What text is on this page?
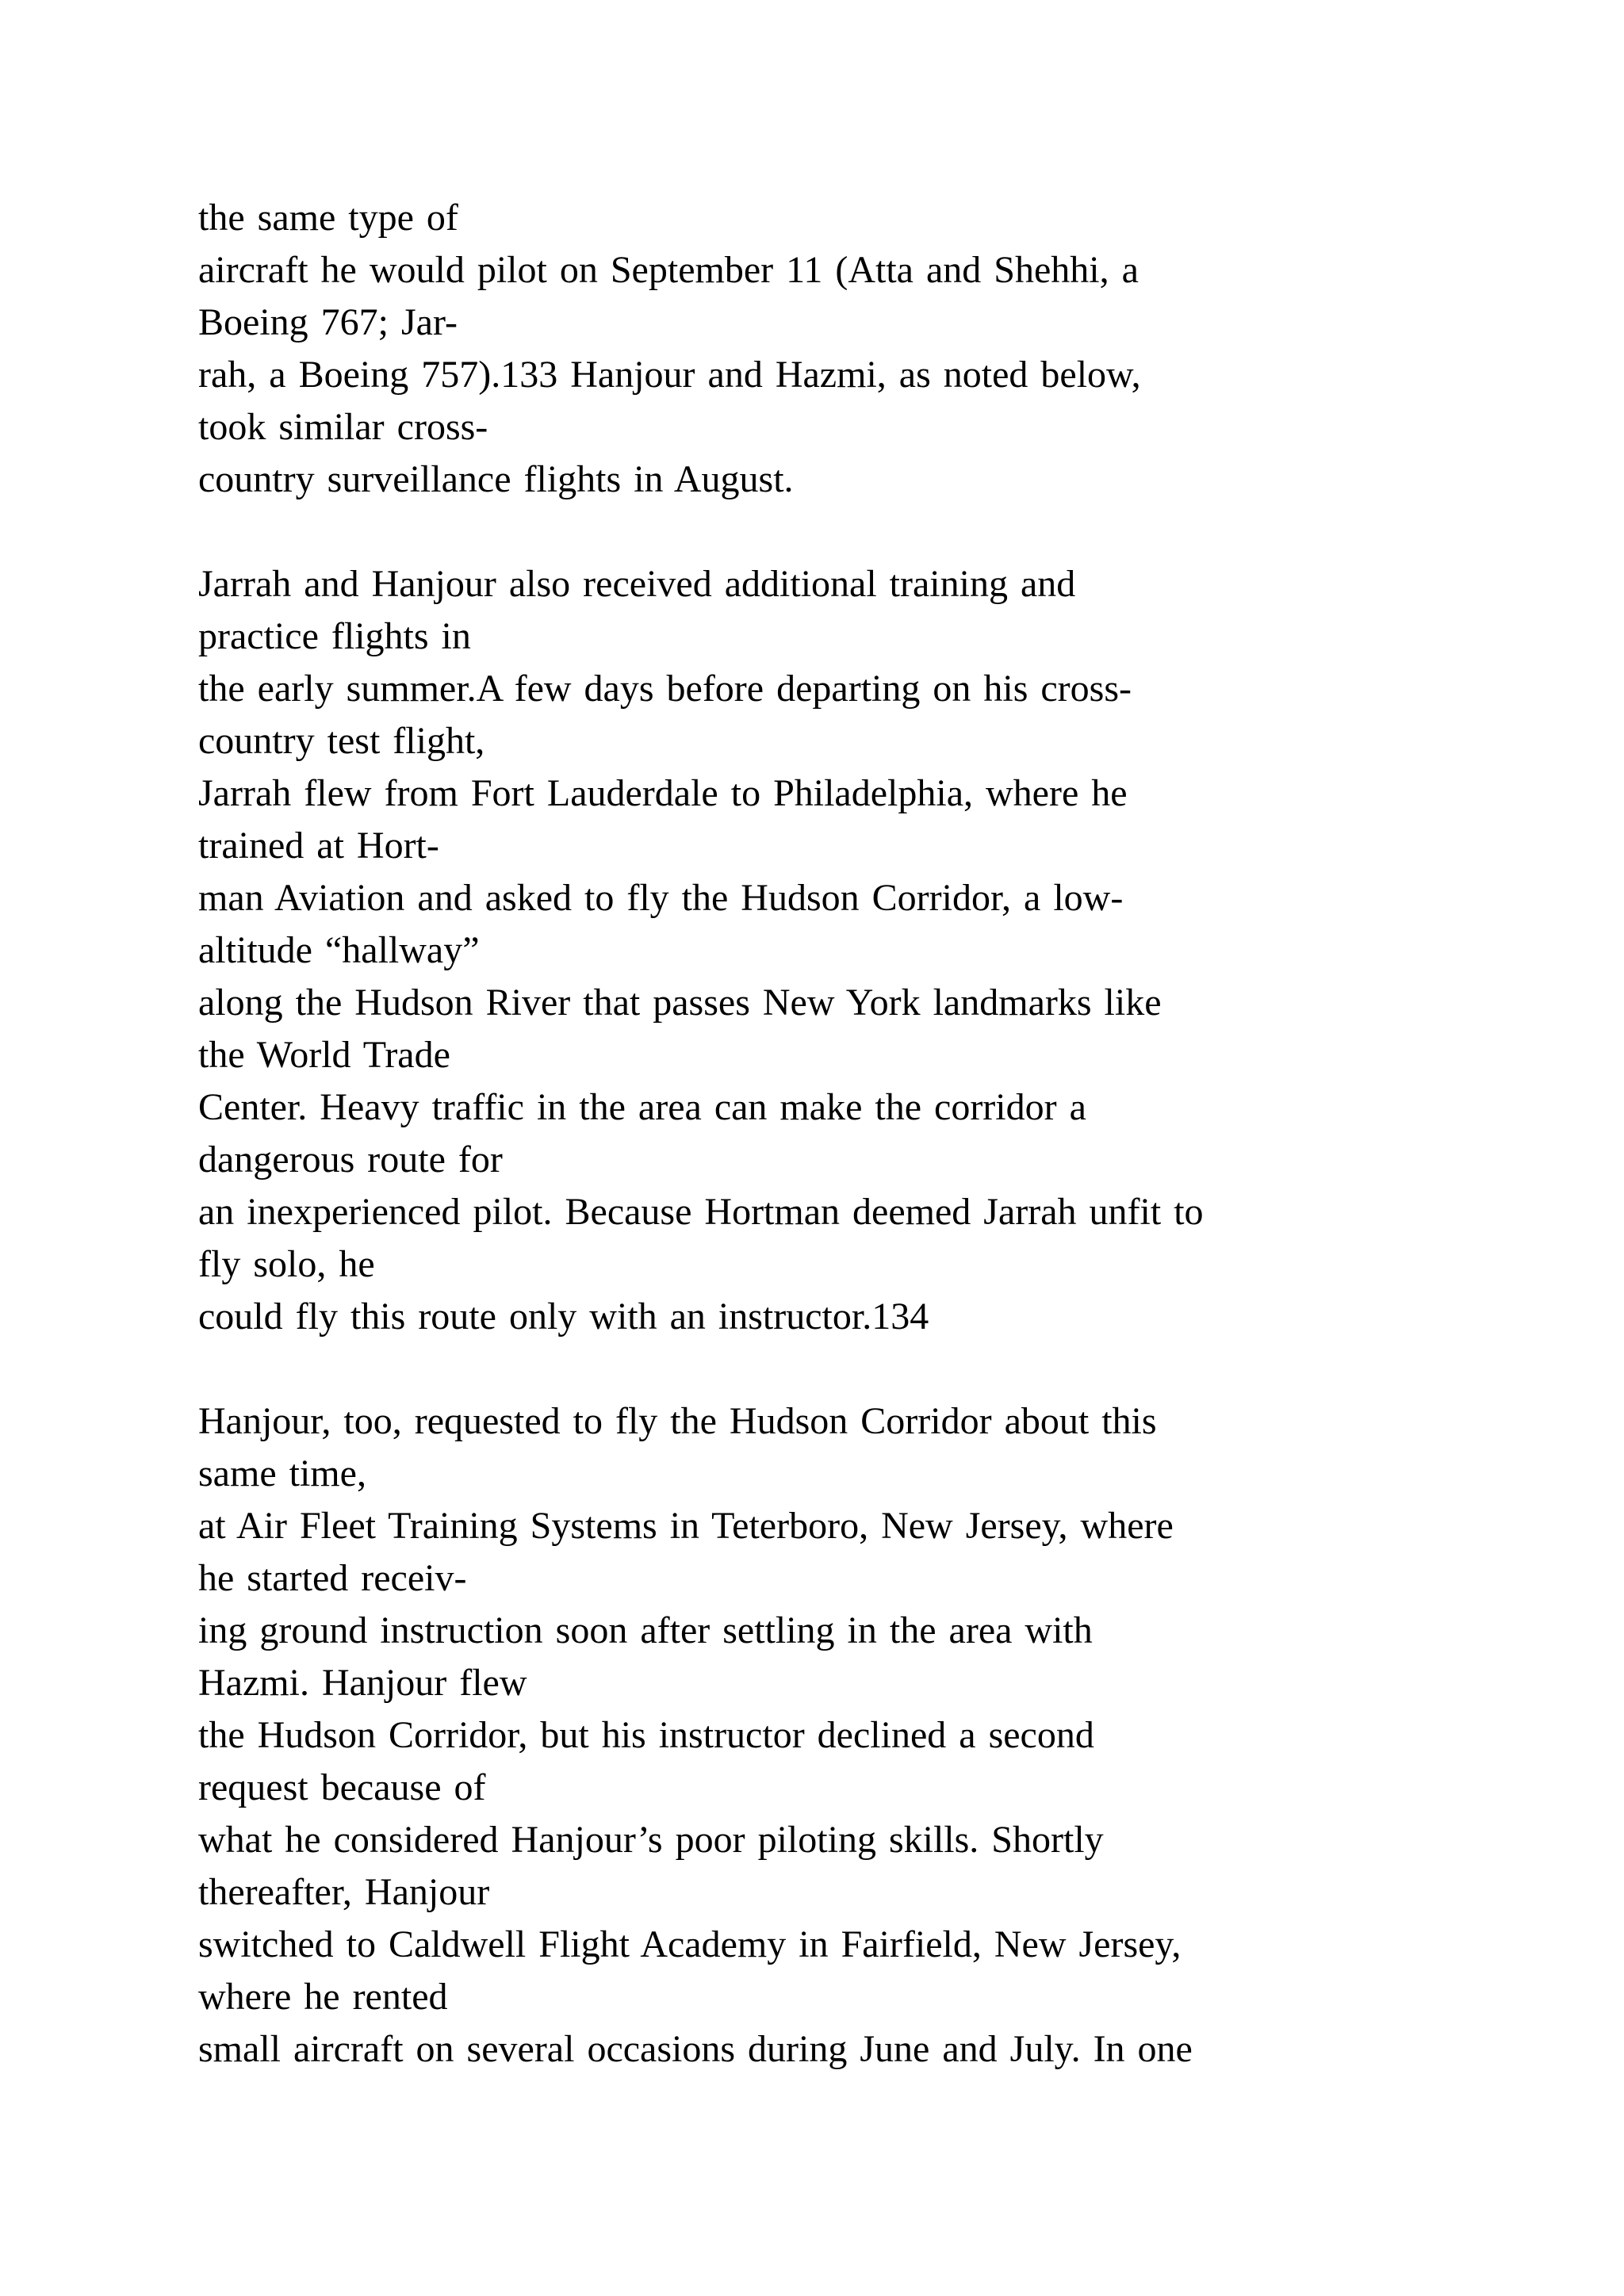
the same type of
aircraft he would pilot on September 11 (Atta and Shehhi, a
Boeing 767; Jar-
rah, a Boeing 757).133 Hanjour and Hazmi, as noted below,
took similar cross-
country surveillance flights in August.
Jarrah and Hanjour also received additional training and
practice flights in
the early summer.A few days before departing on his cross-
country test flight,
Jarrah flew from Fort Lauderdale to Philadelphia, where he
trained at Hort-
man Aviation and asked to fly the Hudson Corridor, a low-
altitude “hallway”
along the Hudson River that passes New York landmarks like
the World Trade
Center. Heavy traffic in the area can make the corridor a
dangerous route for
an inexperienced pilot. Because Hortman deemed Jarrah unfit to
fly solo, he
could fly this route only with an instructor.134
Hanjour, too, requested to fly the Hudson Corridor about this
same time,
at Air Fleet Training Systems in Teterboro, New Jersey, where
he started receiv-
ing ground instruction soon after settling in the area with
Hazmi. Hanjour flew
the Hudson Corridor, but his instructor declined a second
request because of
what he considered Hanjour’s poor piloting skills. Shortly
thereafter, Hanjour
switched to Caldwell Flight Academy in Fairfield, New Jersey,
where he rented
small aircraft on several occasions during June and July. In one
